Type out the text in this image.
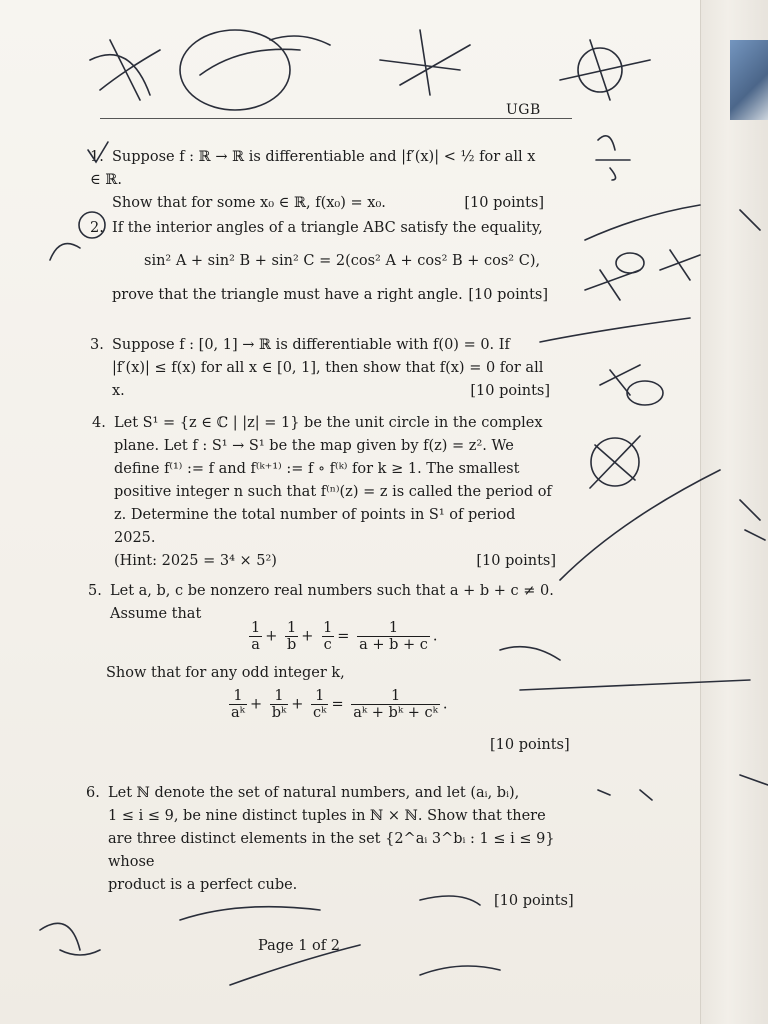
UGB
1. Suppose f : ℝ → ℝ is differentiable and |f′(x)| < ½ for all x ∈ ℝ.
Show that for some x₀ ∈ ℝ, f(x₀) = x₀.	[10 points]
2. If the interior angles of a triangle ABC satisfy the equality,
sin² A + sin² B + sin² C = 2(cos² A + cos² B + cos² C),
prove that the triangle must have a right angle. [10 points]
3. Suppose f : [0, 1] → ℝ is differentiable with f(0) = 0. If
|f′(x)| ≤ f(x) for all x ∈ [0, 1], then show that f(x) = 0 for all
x.	[10 points]
4. Let S¹ = {z ∈ ℂ | |z| = 1} be the unit circle in the complex
plane. Let f : S¹ → S¹ be the map given by f(z) = z². We
define f⁽¹⁾ := f and f⁽ᵏ⁺¹⁾ := f ∘ f⁽ᵏ⁾ for k ≥ 1. The smallest
positive integer n such that f⁽ⁿ⁾(z) = z is called the period of
z. Determine the total number of points in S¹ of period 2025.
(Hint: 2025 = 3⁴ × 5²)	[10 points]
5. Let a, b, c be nonzero real numbers such that a + b + c ≠ 0.
Assume that
$\frac{1}{a} + \frac{1}{b} + \frac{1}{c} = \frac{1}{a + b + c}$ .
Show that for any odd integer k,
$\frac{1}{\text{aᵏ}} + \frac{1}{\text{bᵏ}} + \frac{1}{\text{cᵏ}} = \frac{1}{\text{aᵏ + bᵏ + cᵏ}}$ .
[10 points]
6. Let ℕ denote the set of natural numbers, and let (aᵢ, bᵢ),
1 ≤ i ≤ 9, be nine distinct tuples in ℕ × ℕ. Show that there
are three distinct elements in the set {2^aᵢ 3^bᵢ : 1 ≤ i ≤ 9} whose
product is a perfect cube.
[10 points]
Page 1 of 2
